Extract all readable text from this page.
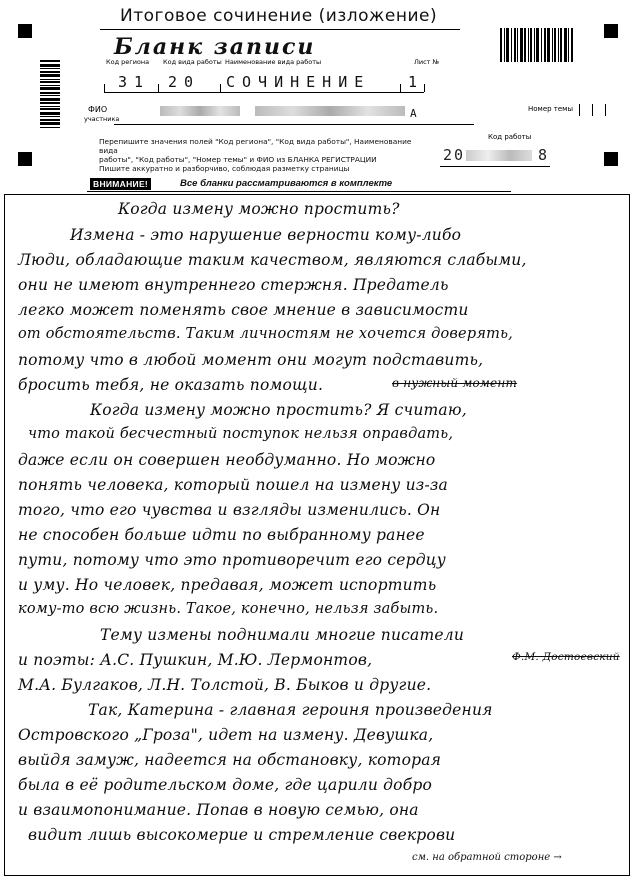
Итоговое сочинение (изложение)
Бланк записи
Код региона Код вида работы Наименование вида работы	Лист №
31 20 СОЧИНЕНИЕ	1
ФИО
участника	А	Номер темы
Перепишите значения полей "Код региона", "Код вида работы", Наименование вида
работы", "Код работы", "Номер темы" и ФИО из БЛАНКА РЕГИСТРАЦИИ
Пишите аккуратно и разборчиво, соблюдая разметку страницы
Код работы
20	8
ВНИМАНИЕ!	Все бланки рассматриваются в комплекте
Когда измену можно простить?
Измена - это нарушение верности кому-либо
Люди, обладающие таким качеством, являются слабыми,
они не имеют внутреннего стержня. Предатель
легко может поменять свое мнение в зависимости
от обстоятельств. Таким личностям не хочется доверять,
потому что в любой момент они могут подставить,
бросить тебя, не оказать помощи.	в нужный момент
Когда измену можно простить? Я считаю,
что такой бесчестный поступок нельзя оправдать,
даже если он совершен необдуманно. Но можно
понять человека, который пошел на измену из-за
того, что его чувства и взгляды изменились. Он
не способен больше идти по выбранному ранее
пути, потому что это противоречит его сердцу
и уму. Но человек, предавая, может испортить
кому-то всю жизнь. Такое, конечно, нельзя забыть.
Тему измены поднимали многие писатели
и поэты: А.С. Пушкин, М.Ю. Лермонтов,	Ф.М. Достоевский
М.А. Булгаков, Л.Н. Толстой, В. Быков и другие.
Так, Катерина - главная героиня произведения
Островского „Гроза", идет на измену. Девушка,
выйдя замуж, надеется на обстановку, которая
была в её родительском доме, где царили добро
и взаимопонимание. Попав в новую семью, она
видит лишь высокомерие и стремление свекрови
см. на обратной стороне →
